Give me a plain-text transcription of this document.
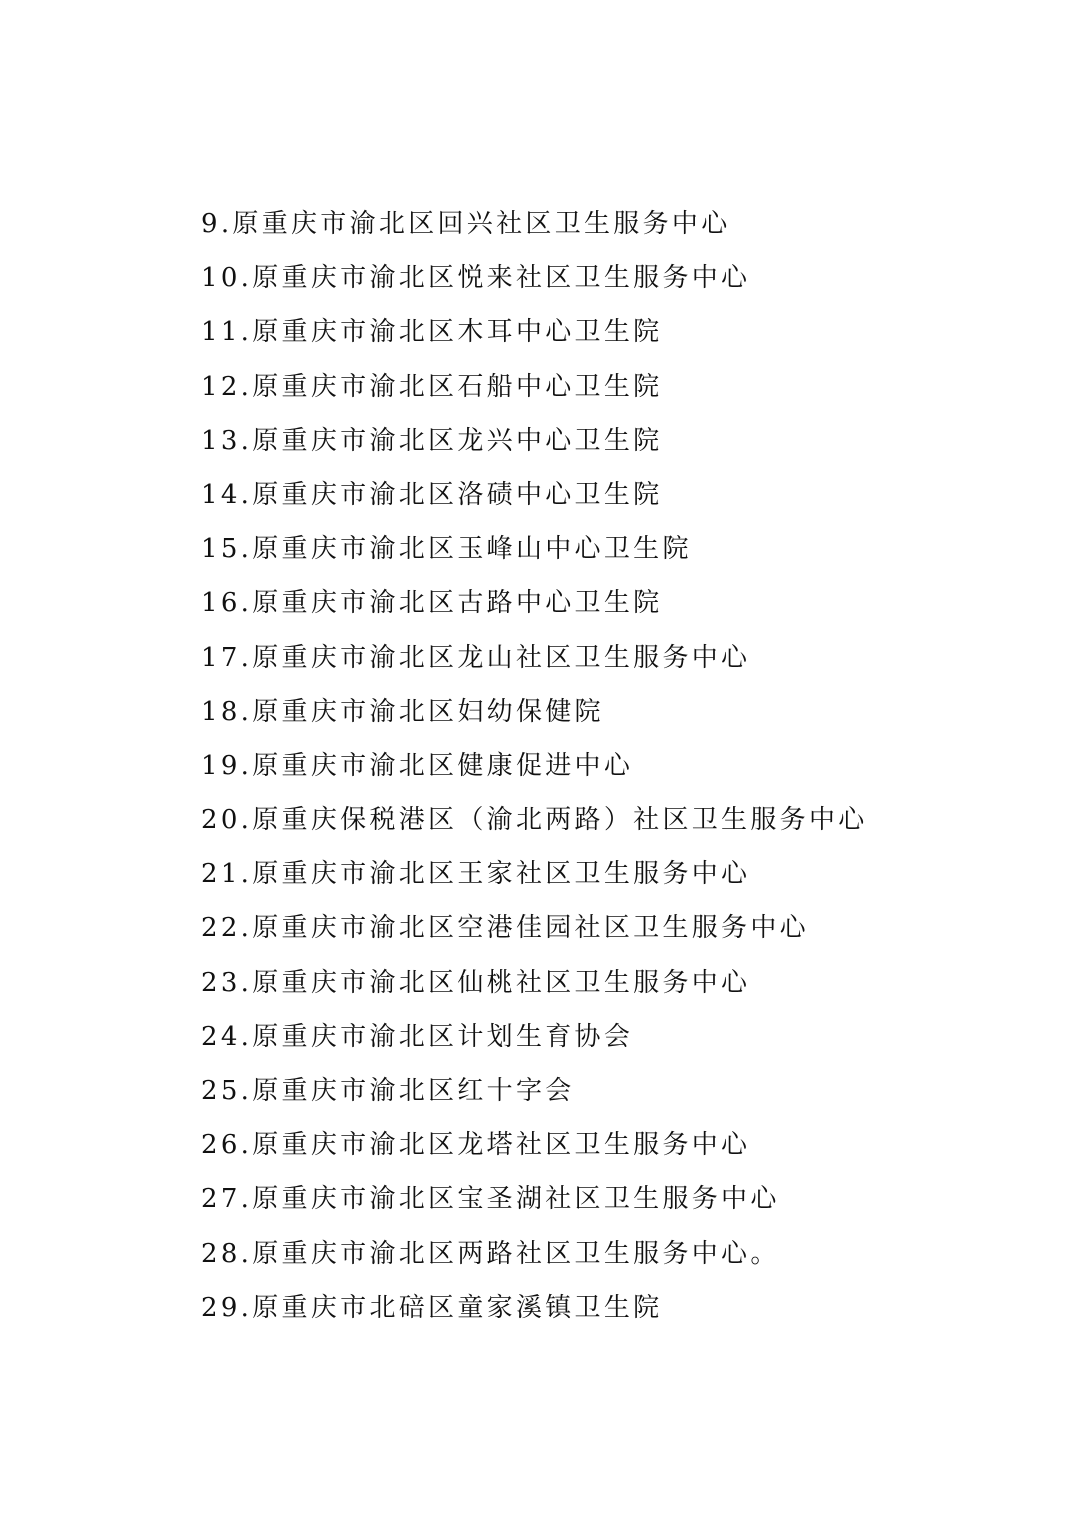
9.原重庆市渝北区回兴社区卫生服务中心
10.原重庆市渝北区悦来社区卫生服务中心
11.原重庆市渝北区木耳中心卫生院
12.原重庆市渝北区石船中心卫生院
13.原重庆市渝北区龙兴中心卫生院
14.原重庆市渝北区洛碛中心卫生院
15.原重庆市渝北区玉峰山中心卫生院
16.原重庆市渝北区古路中心卫生院
17.原重庆市渝北区龙山社区卫生服务中心
18.原重庆市渝北区妇幼保健院
19.原重庆市渝北区健康促进中心
20.原重庆保税港区（渝北两路）社区卫生服务中心
21.原重庆市渝北区王家社区卫生服务中心
22.原重庆市渝北区空港佳园社区卫生服务中心
23.原重庆市渝北区仙桃社区卫生服务中心
24.原重庆市渝北区计划生育协会
25.原重庆市渝北区红十字会
26.原重庆市渝北区龙塔社区卫生服务中心
27.原重庆市渝北区宝圣湖社区卫生服务中心
28.原重庆市渝北区两路社区卫生服务中心。
29.原重庆市北碚区童家溪镇卫生院
